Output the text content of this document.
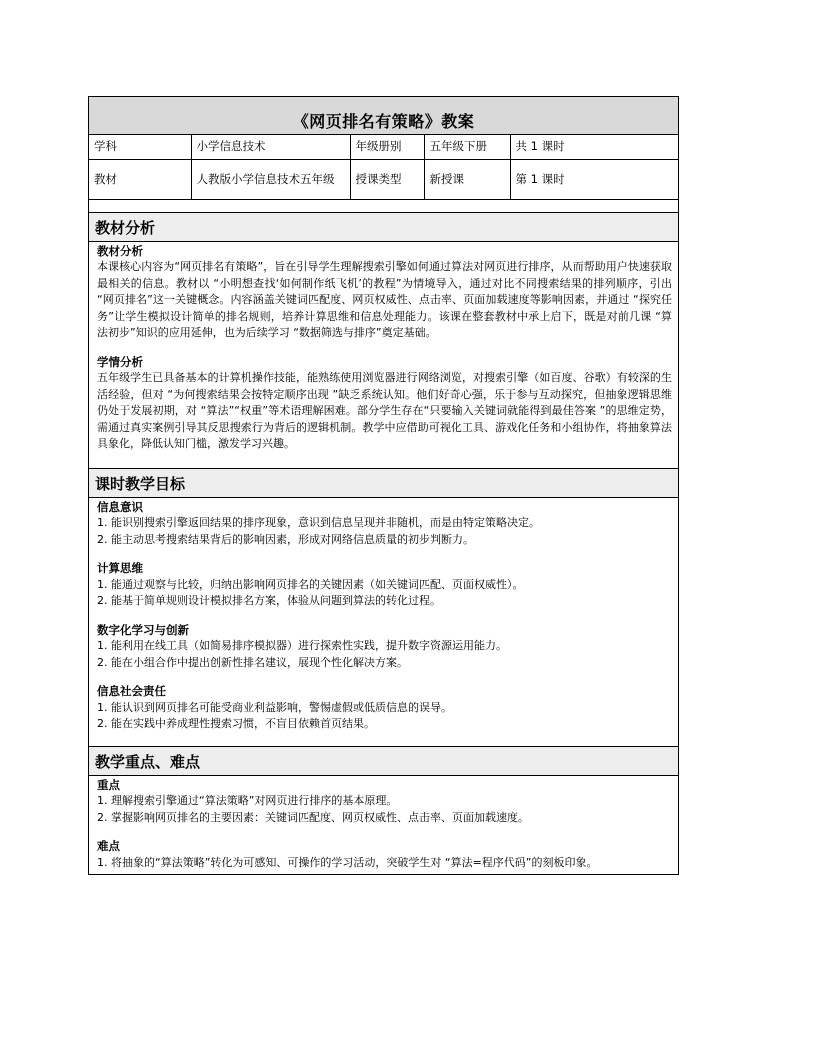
《网页排名有策略》教案
学科	小学信息技术	年级册别	五年级下册	共 1 课时
教材	人教版小学信息技术五年级	授课类型	新授课	第 1 课时
教材分析

教材分析

本课核心内容为“网页排名有策略”，旨在引导学生理解搜索引擎如何通过算法对网页进行排序，从而帮助用户快速获取最相关的信息。教材以 “小明想查找‘如何制作纸飞机’的教程”为情境导入，通过对比不同搜索结果的排列顺序，引出 “网页排名”这一关键概念。内容涵盖关键词匹配度、网页权威性、点击率、页面加载速度等影响因素，并通过 “探究任务”让学生模拟设计简单的排名规则，培养计算思维和信息处理能力。该课在整套教材中承上启下，既是对前几课 “算法初步”知识的应用延伸，也为后续学习 “数据筛选与排序”奠定基础。

学情分析

五年级学生已具备基本的计算机操作技能，能熟练使用浏览器进行网络浏览，对搜索引擎（如百度、谷歌）有较深的生活经验，但对 “为何搜索结果会按特定顺序出现 ”缺乏系统认知。他们好奇心强，乐于参与互动探究，但抽象逻辑思维仍处于发展初期，对 “算法”“权重”等术语理解困难。部分学生存在“只要输入关键词就能得到最佳答案 ”的思维定势，需通过真实案例引导其反思搜索行为背后的逻辑机制。教学中应借助可视化工具、游戏化任务和小组协作，将抽象算法具象化，降低认知门槛，激发学习兴趣。

课时教学目标

信息意识

1. 能识别搜索引擎返回结果的排序现象，意识到信息呈现并非随机，而是由特定策略决定。

2. 能主动思考搜索结果背后的影响因素，形成对网络信息质量的初步判断力。

计算思维

1. 能通过观察与比较，归纳出影响网页排名的关键因素（如关键词匹配、页面权威性）。

2. 能基于简单规则设计模拟排名方案，体验从问题到算法的转化过程。

数字化学习与创新

1. 能利用在线工具（如简易排序模拟器）进行探索性实践，提升数字资源运用能力。

2. 能在小组合作中提出创新性排名建议，展现个性化解决方案。

信息社会责任

1. 能认识到网页排名可能受商业利益影响，警惕虚假或低质信息的误导。

2. 能在实践中养成理性搜索习惯，不盲目依赖首页结果。

教学重点、难点

重点

1. 理解搜索引擎通过“算法策略”对网页进行排序的基本原理。

2. 掌握影响网页排名的主要因素：关键词匹配度、网页权威性、点击率、页面加载速度。

难点

1. 将抽象的“算法策略”转化为可感知、可操作的学习活动，突破学生对 “算法=程序代码”的刻板印象。
